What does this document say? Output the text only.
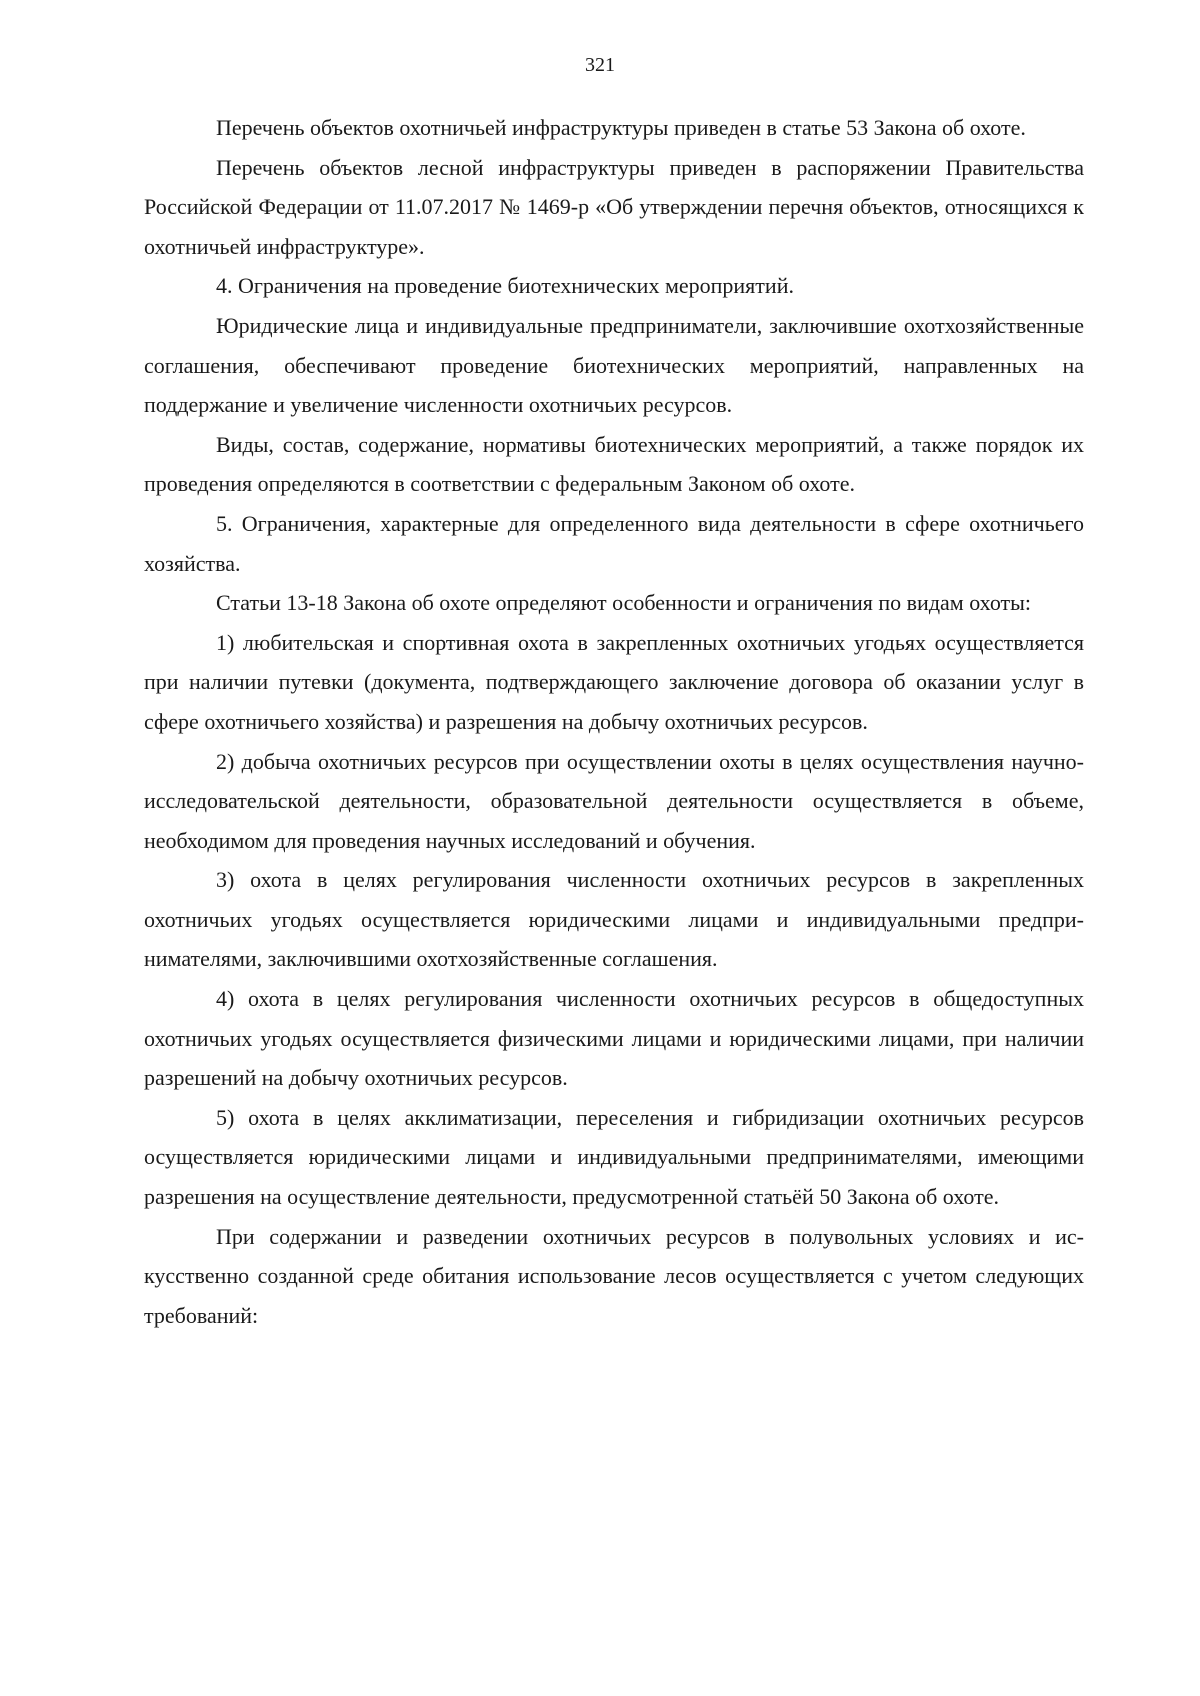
321

Перечень объектов охотничьей инфраструктуры приведен в статье 53 Закона об охоте.

Перечень объектов лесной инфраструктуры приведен в распоряжении Правительства Российской Федерации от 11.07.2017 № 1469-р «Об утверждении перечня объектов, относящихся к охотничьей инфраструктуре».

4. Ограничения на проведение биотехнических мероприятий.

Юридические лица и индивидуальные предприниматели, заключившие охотхозяйственные соглашения, обеспечивают проведение биотехнических мероприятий, направленных на поддержание и увеличение численности охотничьих ресурсов.

Виды, состав, содержание, нормативы биотехнических мероприятий, а также порядок их проведения определяются в соответствии с федеральным Законом об охоте.

5. Ограничения, характерные для определенного вида деятельности в сфере охотничьего хозяйства.

Статьи 13-18 Закона об охоте определяют особенности и ограничения по видам охоты:

1) любительская и спортивная охота в закрепленных охотничьих угодьях осуществляется при наличии путевки (документа, подтверждающего заключение договора об оказании услуг в сфере охотничьего хозяйства) и разрешения на добычу охотничьих ресурсов.

2) добыча охотничьих ресурсов при осуществлении охоты в целях осуществления научно-исследовательской деятельности, образовательной деятельности осуществляется в объеме, необходимом для проведения научных исследований и обучения.

3) охота в целях регулирования численности охотничьих ресурсов в закрепленных охотничьих угодьях осуществляется юридическими лицами и индивидуальными предпринимателями, заключившими охотхозяйственные соглашения.

4) охота в целях регулирования численности охотничьих ресурсов в общедоступных охотничьих угодьях осуществляется физическими лицами и юридическими лицами, при наличии разрешений на добычу охотничьих ресурсов.

5) охота в целях акклиматизации, переселения и гибридизации охотничьих ресурсов осуществляется юридическими лицами и индивидуальными предпринимателями, имеющими разрешения на осуществление деятельности, предусмотренной статьёй 50 Закона об охоте.

При содержании и разведении охотничьих ресурсов в полувольных условиях и искусственно созданной среде обитания использование лесов осуществляется с учетом следующих требований:
